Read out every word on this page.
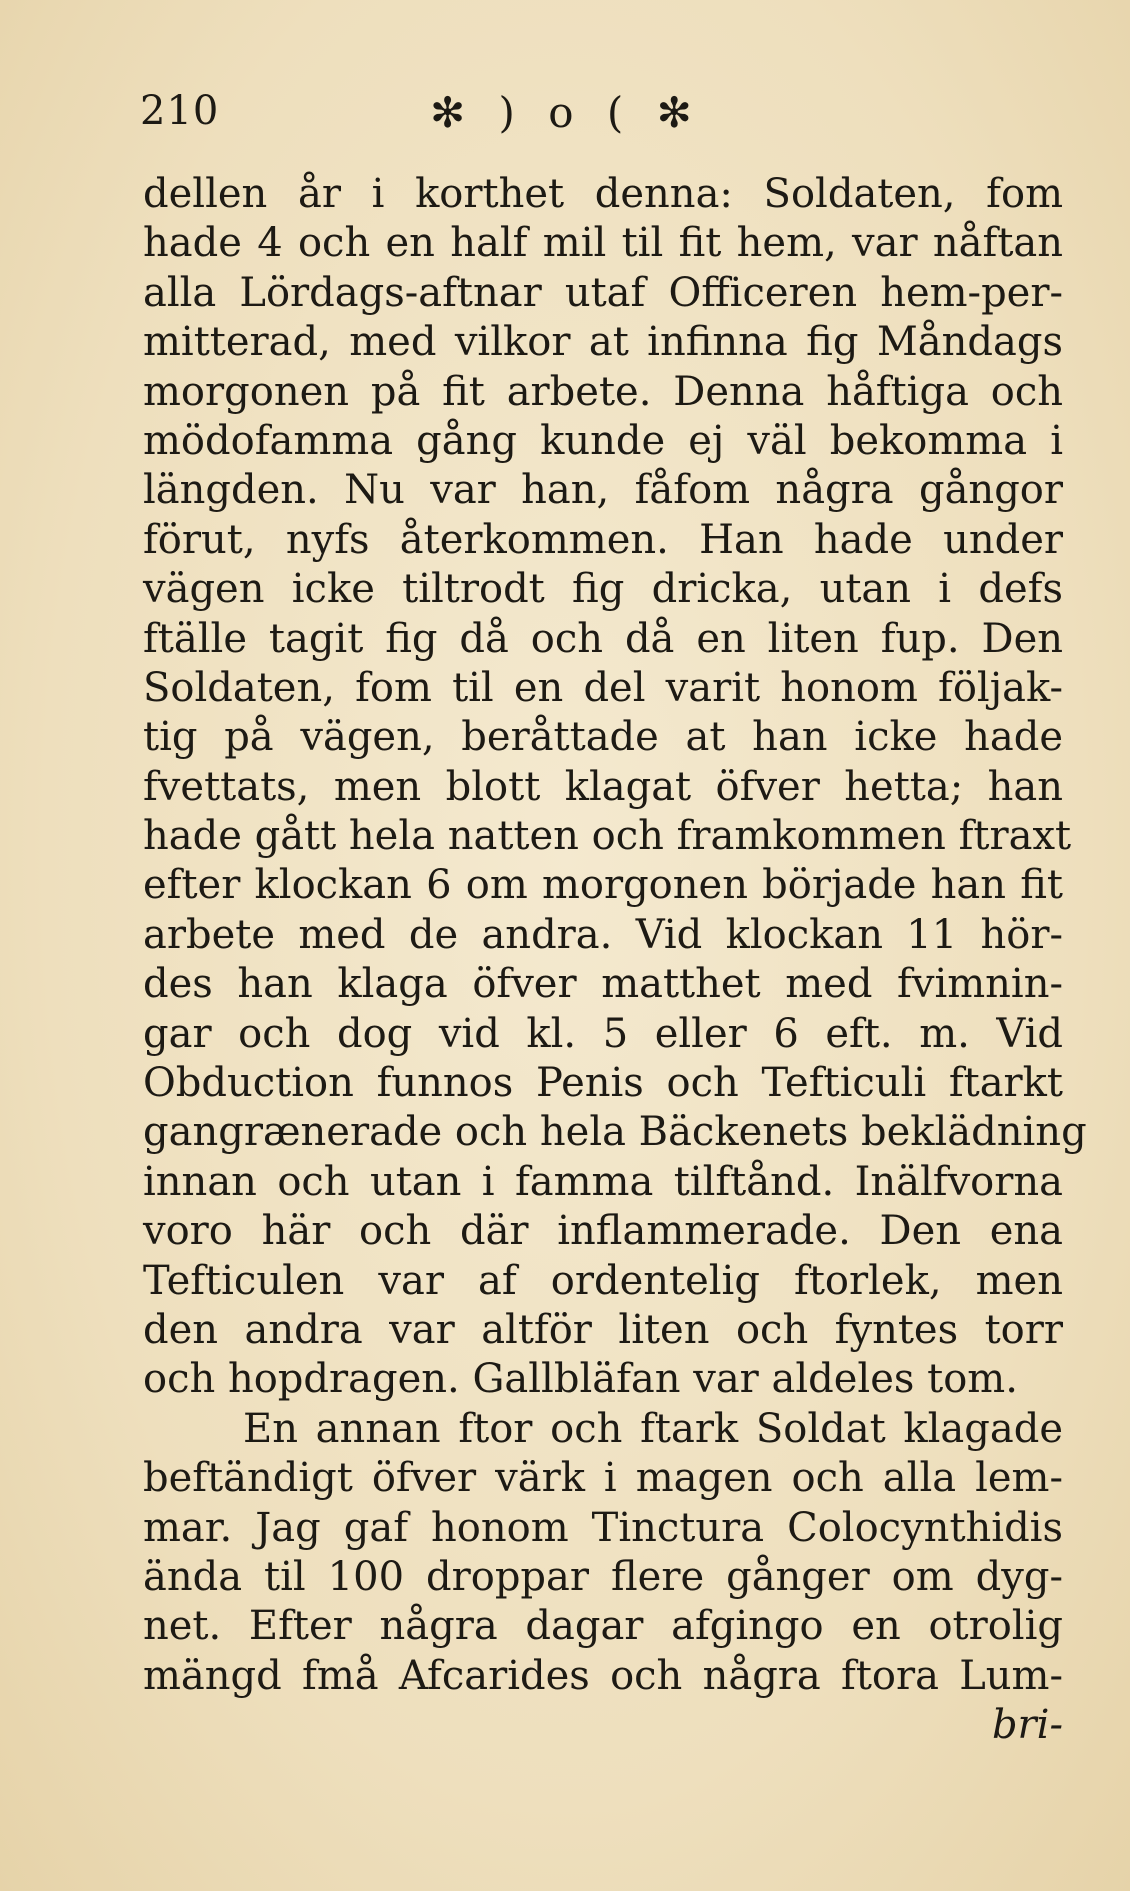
210	✻ ) o ( ✻
dellen år i korthet denna: Soldaten, fom
hade 4 och en half mil til fit hem, var nåftan
alla Lördags-aftnar utaf Officeren hem-per-
mitterad, med vilkor at infinna fig Måndags
morgonen på fit arbete. Denna håftiga och
mödofamma gång kunde ej väl bekomma i
längden. Nu var han, fåfom några gångor
förut, nyfs återkommen. Han hade under
vägen icke tiltrodt fig dricka, utan i defs
ftälle tagit fig då och då en liten fup. Den
Soldaten, fom til en del varit honom följak-
tig på vägen, beråttade at han icke hade
fvettats, men blott klagat öfver hetta; han
hade gått hela natten och framkommen ftraxt
efter klockan 6 om morgonen började han fit
arbete med de andra. Vid klockan 11 hör-
des han klaga öfver matthet med fvimnin-
gar och dog vid kl. 5 eller 6 eft. m. Vid
Obduction funnos Penis och Tefticuli ftarkt
gangrænerade och hela Bäckenets beklädning
innan och utan i famma tilftånd. Inälfvorna
voro här och där inflammerade. Den ena
Tefticulen var af ordentelig ftorlek, men
den andra var altför liten och fyntes torr
och hopdragen. Gallbläfan var aldeles tom.
En annan ftor och ftark Soldat klagade
beftändigt öfver värk i magen och alla lem-
mar. Jag gaf honom Tinctura Colocynthidis
ända til 100 droppar flere gånger om dyg-
net. Efter några dagar afgingo en otrolig
mängd fmå Afcarides och några ftora Lum-
bri-
